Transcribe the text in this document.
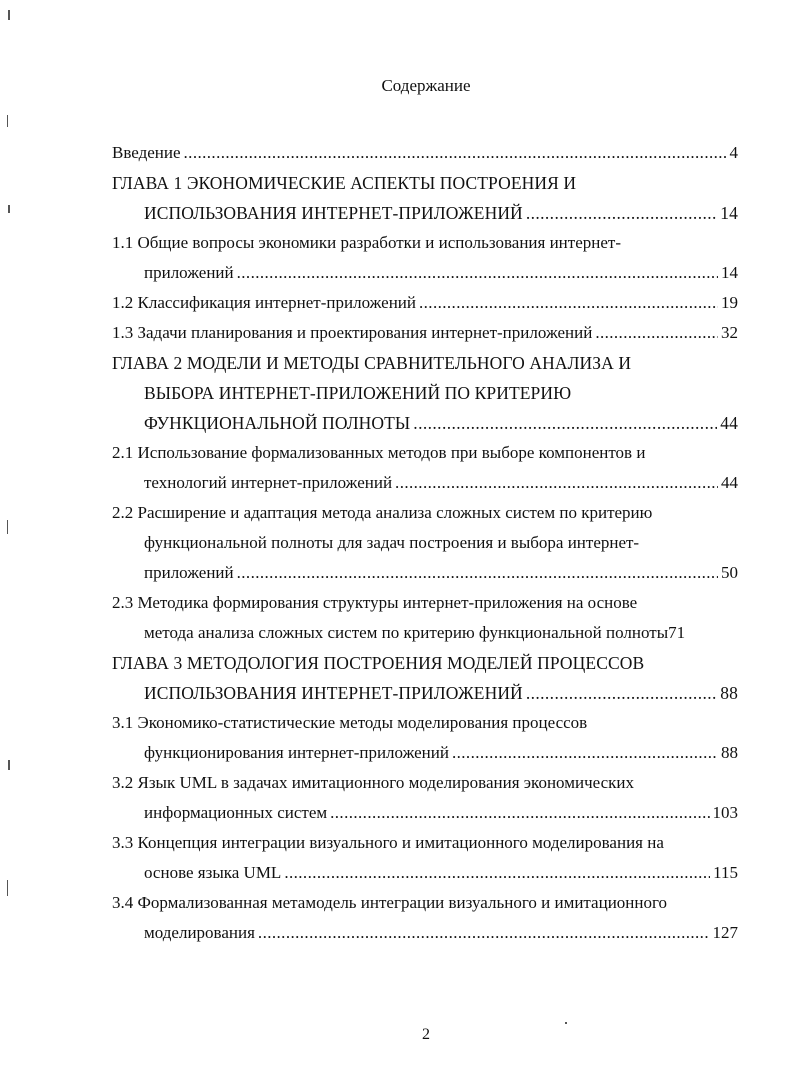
Содержание
Введение .....	4
ГЛАВА 1 ЭКОНОМИЧЕСКИЕ АСПЕКТЫ ПОСТРОЕНИЯ И
ИСПОЛЬЗОВАНИЯ ИНТЕРНЕТ-ПРИЛОЖЕНИЙ .....	14
1.1 Общие вопросы экономики разработки и использования интернет-
приложений .....	14
1.2 Классификация интернет-приложений .....	19
1.3 Задачи планирования и проектирования интернет-приложений .....	32
ГЛАВА 2 МОДЕЛИ И МЕТОДЫ СРАВНИТЕЛЬНОГО АНАЛИЗА И
ВЫБОРА ИНТЕРНЕТ-ПРИЛОЖЕНИЙ ПО КРИТЕРИЮ
ФУНКЦИОНАЛЬНОЙ ПОЛНОТЫ .....	44
2.1 Использование формализованных методов при выборе компонентов и
технологий интернет-приложений .....	44
2.2 Расширение и адаптация метода анализа сложных систем по критерию
функциональной полноты для задач построения и выбора интернет-
приложений .....	50
2.3 Методика формирования структуры интернет-приложения на основе
метода анализа сложных систем по критерию функциональной полноты71
ГЛАВА 3 МЕТОДОЛОГИЯ ПОСТРОЕНИЯ МОДЕЛЕЙ ПРОЦЕССОВ
ИСПОЛЬЗОВАНИЯ ИНТЕРНЕТ-ПРИЛОЖЕНИЙ .....	88
3.1 Экономико-статистические методы моделирования процессов
функционирования интернет-приложений .....	88
3.2 Язык UML в задачах имитационного моделирования экономических
информационных систем .....	103
3.3 Концепция интеграции визуального и имитационного моделирования на
основе языка UML .....	115
3.4 Формализованная метамодель интеграции визуального и имитационного
моделирования .....	127
2
